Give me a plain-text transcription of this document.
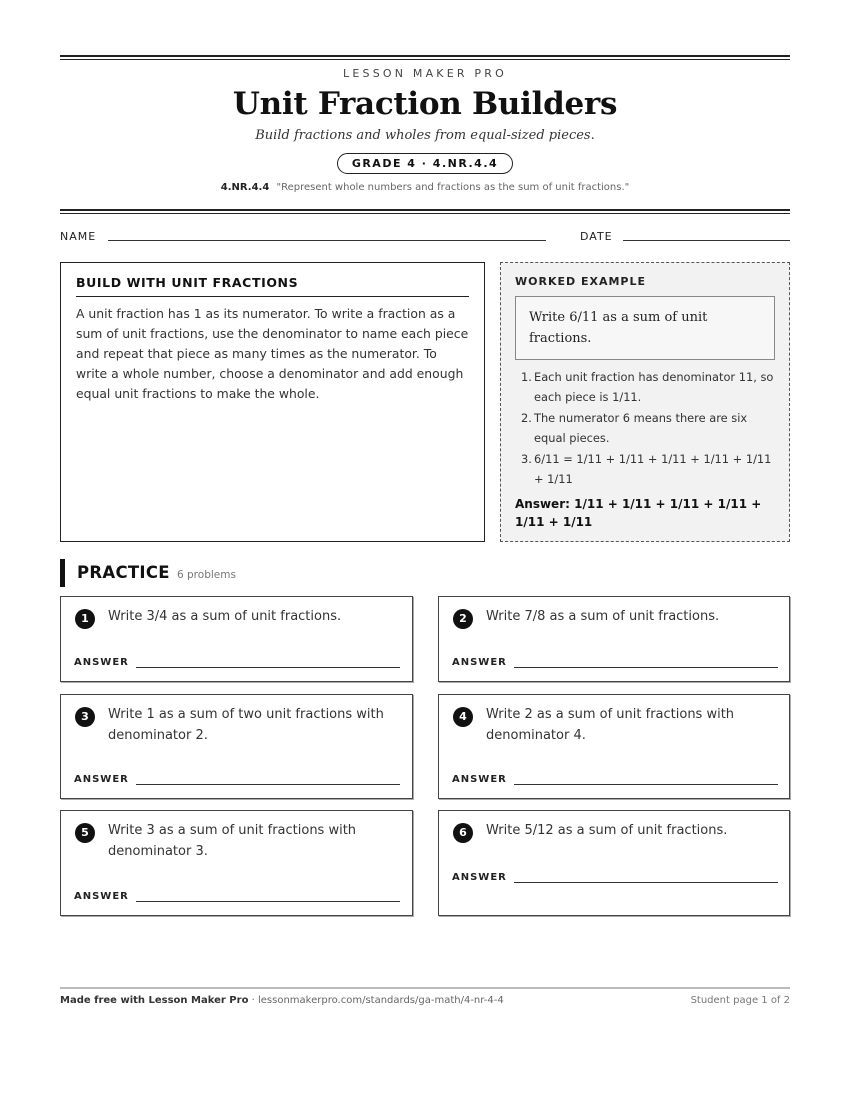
LESSON MAKER PRO
Unit Fraction Builders
Build fractions and wholes from equal-sized pieces.
GRADE 4 · 4.NR.4.4
4.NR.4.4 "Represent whole numbers and fractions as the sum of unit fractions."
NAME	DATE
BUILD WITH UNIT FRACTIONS
A unit fraction has 1 as its numerator. To write a fraction as a sum of unit fractions, use the denominator to name each piece and repeat that piece as many times as the numerator. To write a whole number, choose a denominator and add enough equal unit fractions to make the whole.
WORKED EXAMPLE
Write 6/11 as a sum of unit fractions.
1. Each unit fraction has denominator 11, so each piece is 1/11.
2. The numerator 6 means there are six equal pieces.
3. 6/11 = 1/11 + 1/11 + 1/11 + 1/11 + 1/11 + 1/11
Answer: 1/11 + 1/11 + 1/11 + 1/11 + 1/11 + 1/11
PRACTICE 6 problems
1	Write 3/4 as a sum of unit fractions.
ANSWER
2	Write 7/8 as a sum of unit fractions.
ANSWER
3	Write 1 as a sum of two unit fractions with denominator 2.
ANSWER
4	Write 2 as a sum of unit fractions with denominator 4.
ANSWER
5	Write 3 as a sum of unit fractions with denominator 3.
ANSWER
6	Write 5/12 as a sum of unit fractions.
ANSWER
Made free with Lesson Maker Pro · lessonmakerpro.com/standards/ga-math/4-nr-4-4	Student page 1 of 2
